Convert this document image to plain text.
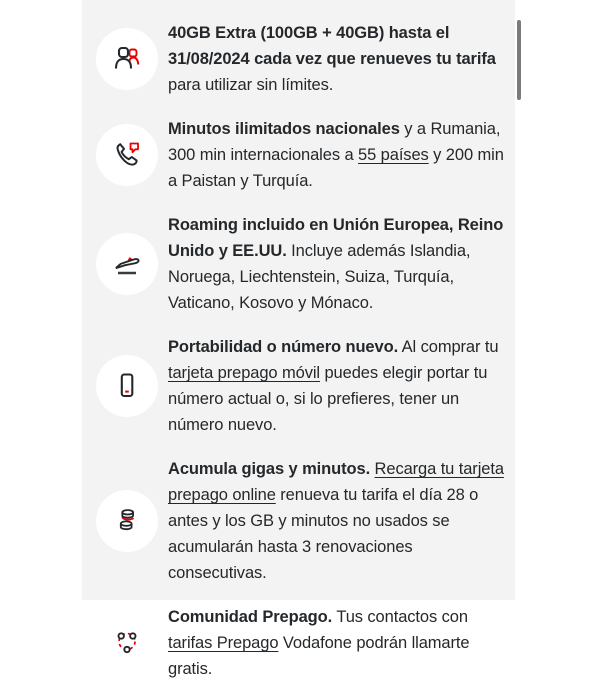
40GB Extra (100GB + 40GB) hasta el 31/08/2024 cada vez que renueves tu tarifa para utilizar sin límites.

Minutos ilimitados nacionales y a Rumania, 300 min internacionales a 55 países y 200 min a Paistan y Turquía.

Roaming incluido en Unión Europea, Reino Unido y EE.UU. Incluye además Islandia, Noruega, Liechtenstein, Suiza, Turquía, Vaticano, Kosovo y Mónaco.

Portabilidad o número nuevo. Al comprar tu tarjeta prepago móvil puedes elegir portar tu número actual o, si lo prefieres, tener un número nuevo.

Acumula gigas y minutos. Recarga tu tarjeta prepago online renueva tu tarifa el día 28 o antes y los GB y minutos no usados se acumularán hasta 3 renovaciones consecutivas.

Comunidad Prepago. Tus contactos con tarifas Prepago Vodafone podrán llamarte gratis.
